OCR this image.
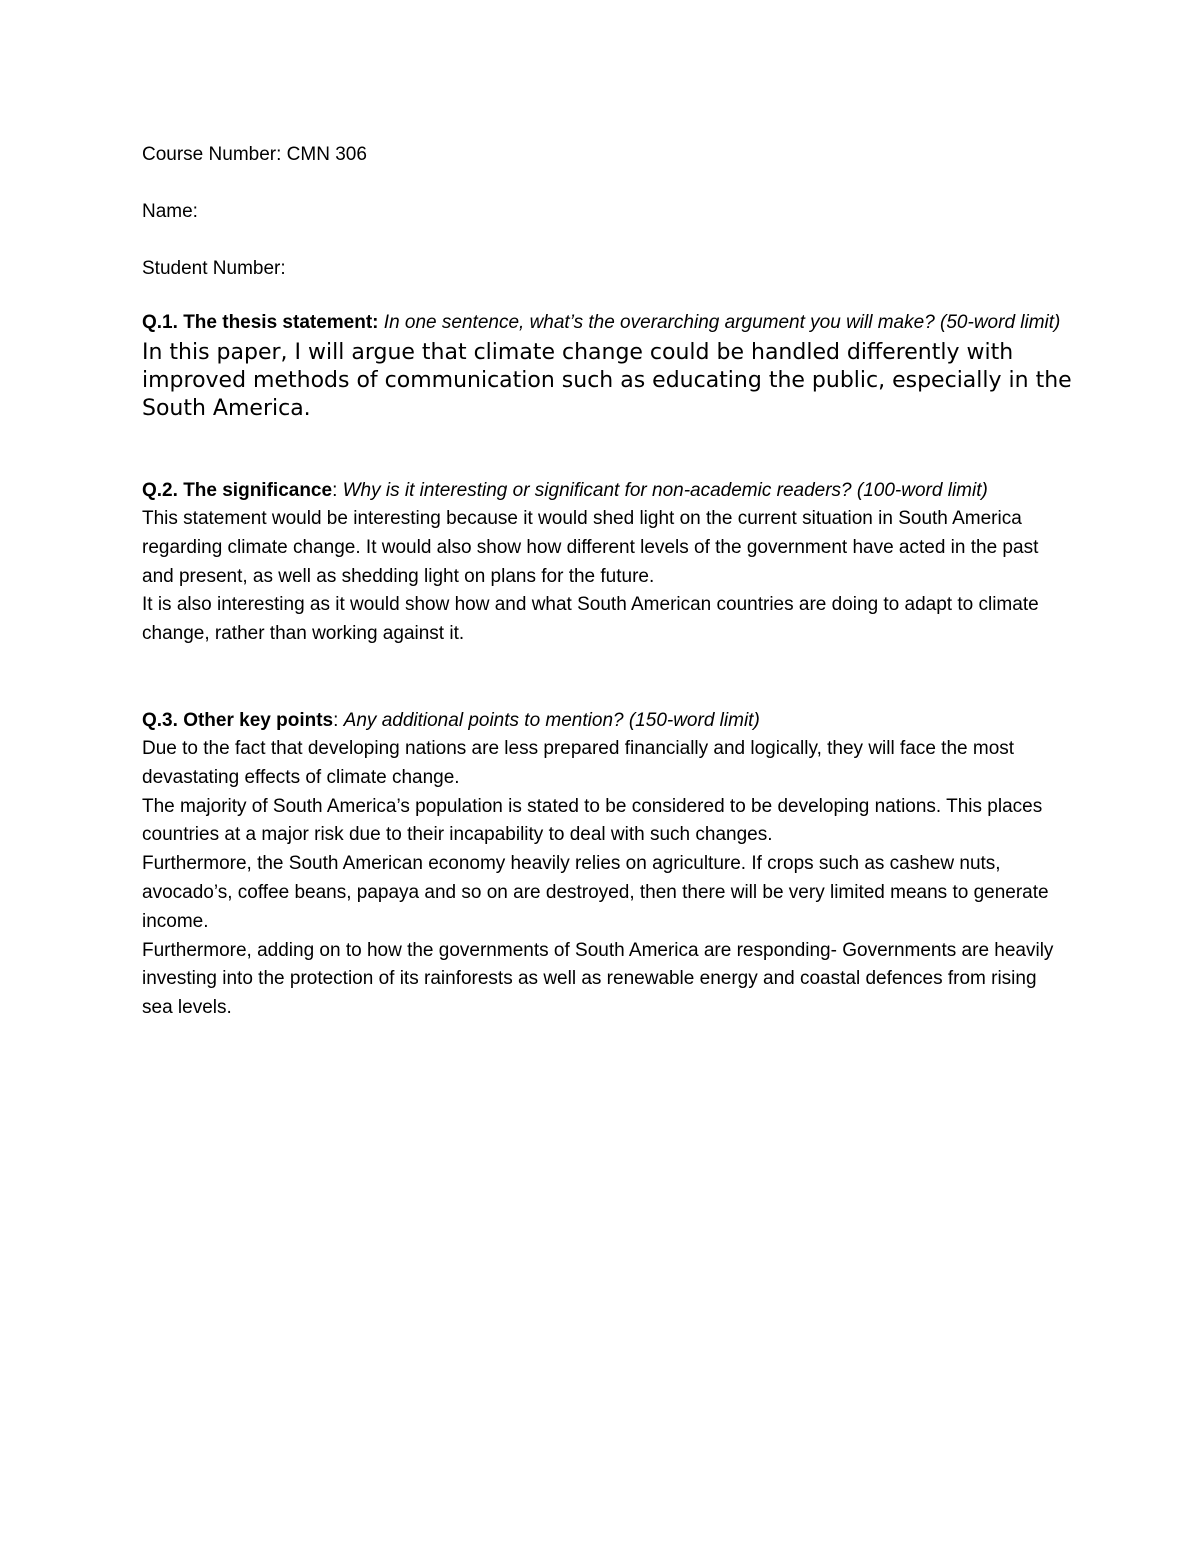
Course Number: CMN 306
Name:
Student Number:

Q.1. The thesis statement: In one sentence, what’s the overarching argument you will make? (50-word limit)

In this paper, I will argue that climate change could be handled differently with improved methods of communication such as educating the public, especially in the South America.

Q.2. The significance: Why is it interesting or significant for non-academic readers? (100-word limit)

This statement would be interesting because it would shed light on the current situation in South America regarding climate change. It would also show how different levels of the government have acted in the past and present, as well as shedding light on plans for the future.

It is also interesting as it would show how and what South American countries are doing to adapt to climate change, rather than working against it.

Q.3. Other key points: Any additional points to mention? (150-word limit)

Due to the fact that developing nations are less prepared financially and logically, they will face the most devastating effects of climate change.

The majority of South America’s population is stated to be considered to be developing nations. This places countries at a major risk due to their incapability to deal with such changes.

Furthermore, the South American economy heavily relies on agriculture. If crops such as cashew nuts, avocado’s, coffee beans, papaya and so on are destroyed, then there will be very limited means to generate income.

Furthermore, adding on to how the governments of South America are responding- Governments are heavily investing into the protection of its rainforests as well as renewable energy and coastal defences from rising sea levels.
